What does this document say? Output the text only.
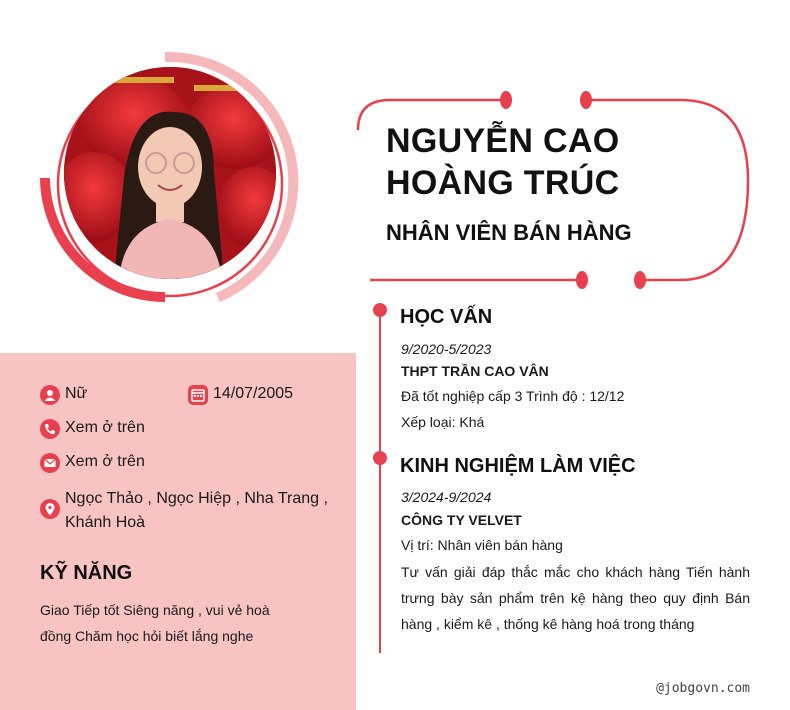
NGUYỄN CAO
HOÀNG TRÚC
NHÂN VIÊN BÁN HÀNG
Nữ	14/07/2005
Xem ở trên
Xem ở trên
Ngọc Thảo , Ngọc Hiệp , Nha Trang ,
Khánh Hoà
KỸ NĂNG
Giao Tiếp tốt Siêng năng , vui vẻ hoà
đồng Chăm học hỏi biết lắng nghe
HỌC VẤN
9/2020-5/2023
THPT TRẦN CAO VÂN
Đã tốt nghiệp cấp 3 Trình độ : 12/12
Xếp loại: Khá
KINH NGHIỆM LÀM VIỆC
3/2024-9/2024
CÔNG TY VELVET
Vị trí: Nhân viên bán hàng
Tư vấn giải đáp thắc mắc cho khách hàng Tiến hành
trưng bày sản phẩm trên kệ hàng theo quy định Bán
hàng , kiểm kê , thống kê hàng hoá trong tháng
@jobgovn.com
